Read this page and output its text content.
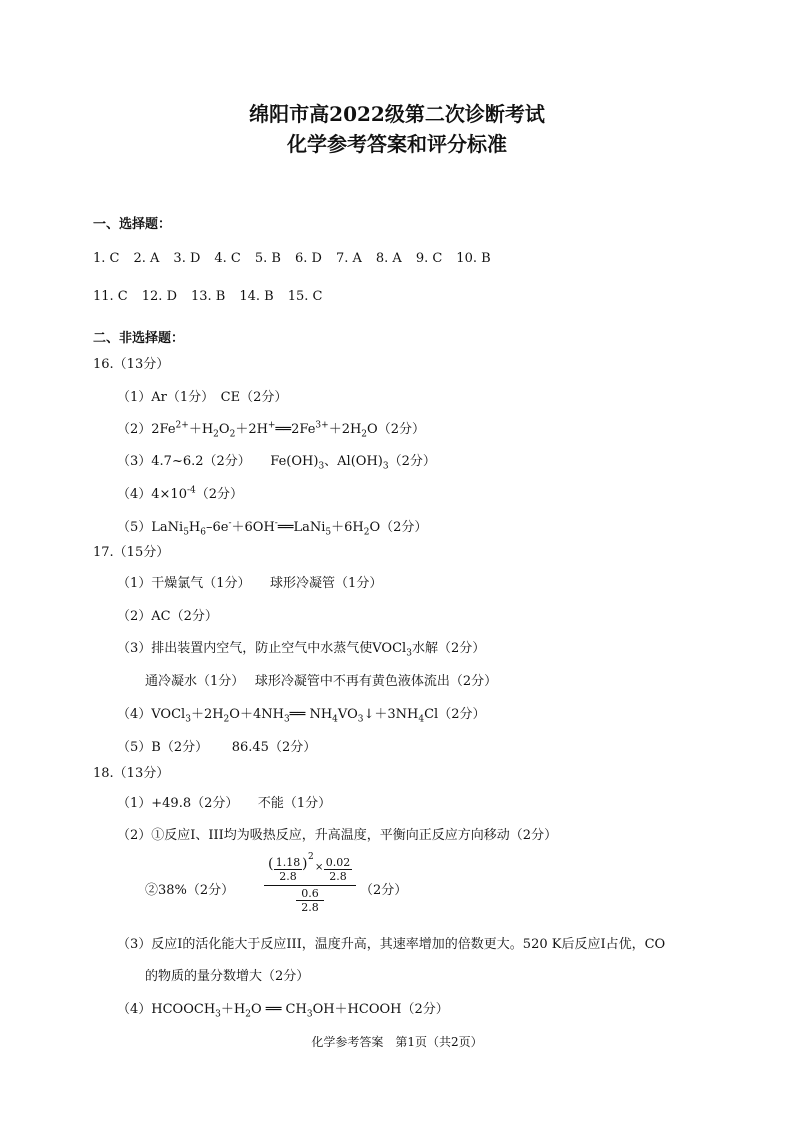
绵阳市高2022级第二次诊断考试
化学参考答案和评分标准
一、选择题：
1. C 2. A 3. D 4. C 5. B 6. D 7. A 8. A 9. C 10. B
11. C 12. D 13. B 14. B 15. C
二、非选择题：
16.（13分）
（1）Ar（1分）　CE（2分）
$(2)2Fe^{2+}+H_2O_2+2H^+══2Fe^{3+}+2H_2O(2$分）
（3）4.7~6.2（2分）　　$Fe(OH)_3$、$Al(OH)_3(2$分）
$(4)4\times 10^{-4}(2$分）
$(5)LaNi_5H_6-6e^-+6OH^-══LaNi_5+6H_2O(2$分）
17.（15分）
（1）干燥氯气（1分）　　球形冷凝管（1分）
（2）AC（2分）
（3）排出装置内空气，防止空气中水蒸气使VOCl$_3$水解（2分）
通冷凝水（1分）　 球形冷凝管中不再有黄色液体流出（2分）
$(4)VOCl_3+2H_2O+4NH_3══$ $NH_4VO_3↓+3NH_4Cl(2$分）
（5）B（2分）　　 86.45（2分）
18.（13分）
（1）+49.8（2分）　　不能（1分）
（2）①反应I、III均为吸热反应，升高温度，平衡向正反应方向移动（2分）
②38%（2分）
( $\frac{1.18}{2.8}$ ) 2
× $\frac{0.02}{2.8}$
$\frac{0.6}{2.8}$	（2分）
（3）反应I的活化能大于反应III，温度升高，其速率增加的倍数更大。520 K后反应I占优，CO
的物质的量分数增大（2分）
$(4)HCOOCH_3+H_2O$ ══ $CH_3OH+HCOOH(2$分）
化学参考答案　第1页（共2页）
